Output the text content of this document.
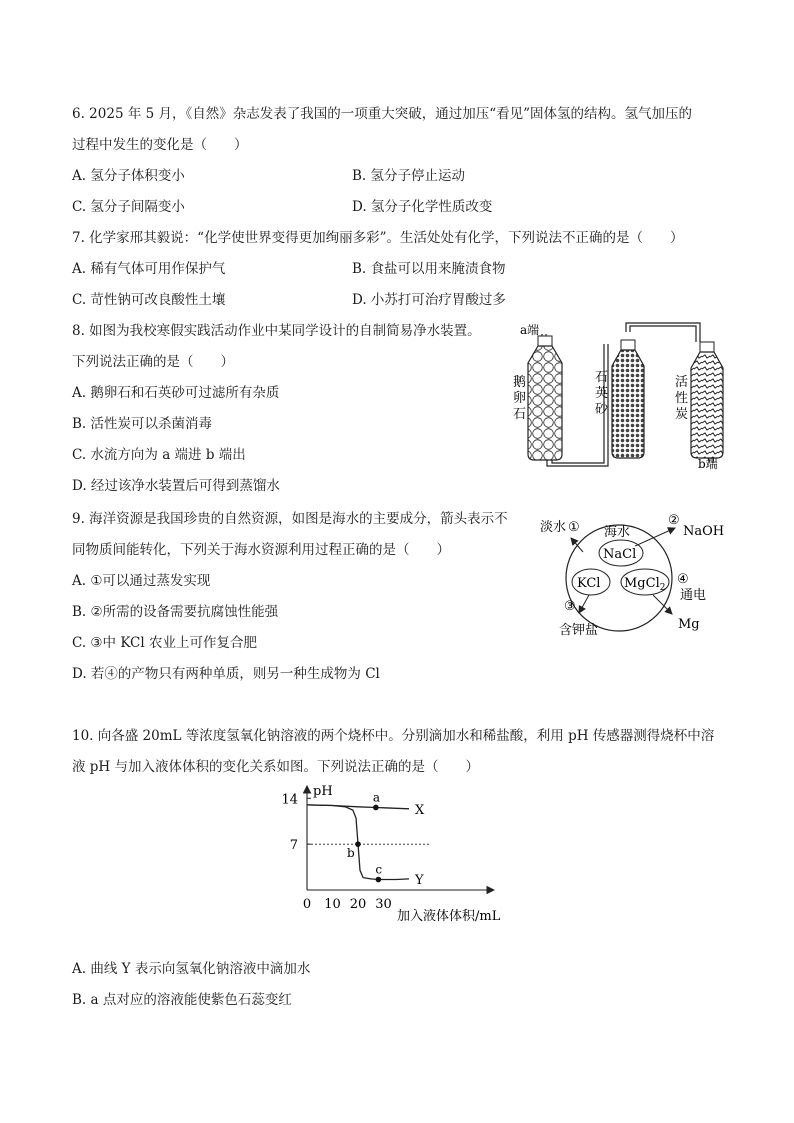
6. 2025 年 5 月，《自然》杂志发表了我国的一项重大突破，通过加压“看见”固体氢的结构。氢气加压的
过程中发生的变化是（　　）
A. 氢分子体积变小	B. 氢分子停止运动
C. 氢分子间隔变小	D. 氢分子化学性质改变
7. 化学家邢其毅说：“化学使世界变得更加绚丽多彩”。生活处处有化学，下列说法不正确的是（　　）
A. 稀有气体可用作保护气	B. 食盐可以用来腌渍食物
C. 苛性钠可改良酸性土壤	D. 小苏打可治疗胃酸过多
8. 如图为我校寒假实践活动作业中某同学设计的自制简易净水装置。
下列说法正确的是（　　）
A. 鹅卵石和石英砂可过滤所有杂质
B. 活性炭可以杀菌消毒
C. 水流方向为 a 端进 b 端出
D. 经过该净水装置后可得到蒸馏水
a端
b端
鹅
卵
石
石
英
砂
活
性
炭
9. 海洋资源是我国珍贵的自然资源，如图是海水的主要成分，箭头表示不
同物质间能转化，下列关于海水资源利用过程正确的是（　　）
A. ①可以通过蒸发实现
B. ②所需的设备需要抗腐蚀性能强
C. ③中 KCl 农业上可作复合肥
D. 若④的产物只有两种单质，则另一种生成物为 Cl
海水
NaCl
KCl MgCl$_2$
淡水 ①	②
NaOH
③
含钾盐
④
通电
Mg
10. 向各盛 20mL 等浓度氢氧化钠溶液的两个烧杯中。分别滴加水和稀盐酸，利用 pH 传感器测得烧杯中溶
液 pH 与加入液体体积的变化关系如图。下列说法正确的是（　　）
pH
加入液体体积/mL
0 10 20 30
7
14
X
Y
a
b
c
A. 曲线 Y 表示向氢氧化钠溶液中滴加水
B. a 点对应的溶液能使紫色石蕊变红
